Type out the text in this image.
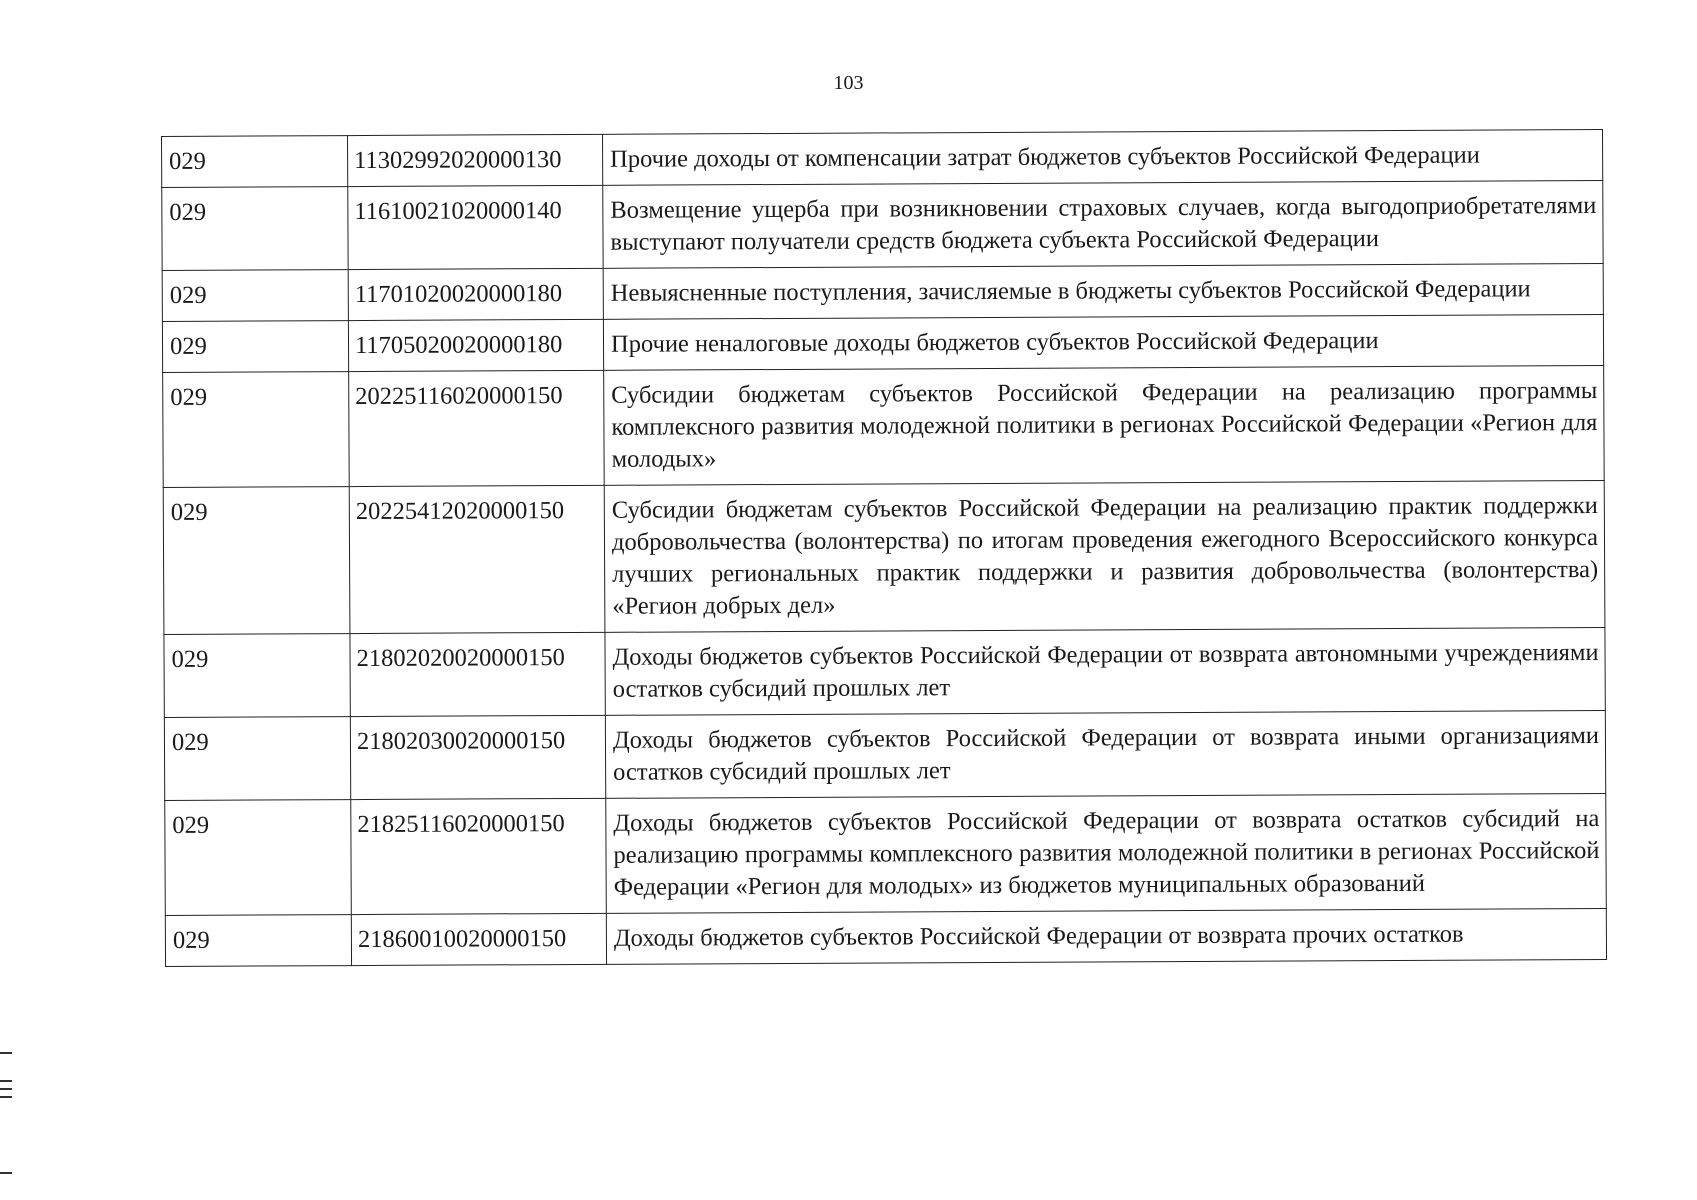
103
029	11302992020000130	Прочие доходы от компенсации затрат бюджетов субъектов Российской Федерации
029	11610021020000140	Возмещение ущерба при возникновении страховых случаев, когда выгодоприобретателями выступают получатели средств бюджета субъекта Российской Федерации
029	11701020020000180	Невыясненные поступления, зачисляемые в бюджеты субъектов Российской Федерации
029	11705020020000180	Прочие неналоговые доходы бюджетов субъектов Российской Федерации
029	20225116020000150	Субсидии бюджетам субъектов Российской Федерации на реализацию программы комплексного развития молодежной политики в регионах Российской Федерации «Регион для молодых»
029	20225412020000150	Субсидии бюджетам субъектов Российской Федерации на реализацию практик поддержки добровольчества (волонтерства) по итогам проведения ежегодного Всероссийского конкурса лучших региональных практик поддержки и развития добровольчества (волонтерства) «Регион добрых дел»
029	21802020020000150	Доходы бюджетов субъектов Российской Федерации от возврата автономными учреждениями остатков субсидий прошлых лет
029	21802030020000150	Доходы бюджетов субъектов Российской Федерации от возврата иными организациями остатков субсидий прошлых лет
029	21825116020000150	Доходы бюджетов субъектов Российской Федерации от возврата остатков субсидий на реализацию программы комплексного развития молодежной политики в регионах Российской Федерации «Регион для молодых» из бюджетов муниципальных образований
029	21860010020000150	Доходы бюджетов субъектов Российской Федерации от возврата прочих остатков
